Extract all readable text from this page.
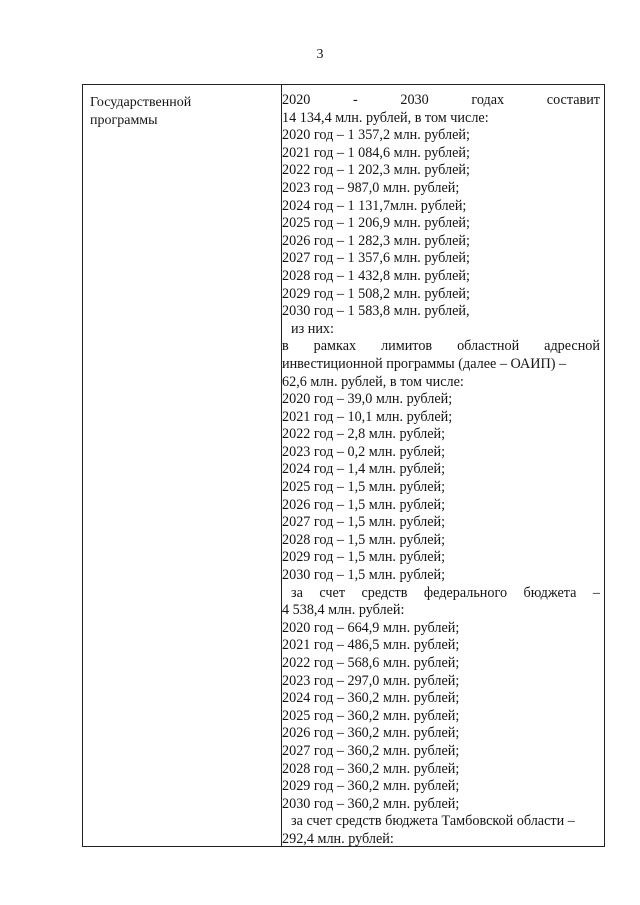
3
Государственной
программы
2020 - 2030 годах составит
14 134,4 млн. рублей, в том числе:
2020 год – 1 357,2 млн. рублей;
2021 год – 1 084,6 млн. рублей;
2022 год – 1 202,3 млн. рублей;
2023 год – 987,0 млн. рублей;
2024 год – 1 131,7млн. рублей;
2025 год – 1 206,9 млн. рублей;
2026 год – 1 282,3 млн. рублей;
2027 год – 1 357,6 млн. рублей;
2028 год – 1 432,8 млн. рублей;
2029 год – 1 508,2 млн. рублей;
2030 год – 1 583,8 млн. рублей,
из них:
в рамках лимитов областной адресной
инвестиционной программы (далее – ОАИП) –
62,6 млн. рублей, в том числе:
2020 год – 39,0 млн. рублей;
2021 год – 10,1 млн. рублей;
2022 год – 2,8 млн. рублей;
2023 год – 0,2 млн. рублей;
2024 год – 1,4 млн. рублей;
2025 год – 1,5 млн. рублей;
2026 год – 1,5 млн. рублей;
2027 год – 1,5 млн. рублей;
2028 год – 1,5 млн. рублей;
2029 год – 1,5 млн. рублей;
2030 год – 1,5 млн. рублей;
за счет средств федерального бюджета –
4 538,4 млн. рублей:
2020 год – 664,9 млн. рублей;
2021 год – 486,5 млн. рублей;
2022 год – 568,6 млн. рублей;
2023 год – 297,0 млн. рублей;
2024 год – 360,2 млн. рублей;
2025 год – 360,2 млн. рублей;
2026 год – 360,2 млн. рублей;
2027 год – 360,2 млн. рублей;
2028 год – 360,2 млн. рублей;
2029 год – 360,2 млн. рублей;
2030 год – 360,2 млн. рублей;
за счет средств бюджета Тамбовской области –
292,4 млн. рублей:
